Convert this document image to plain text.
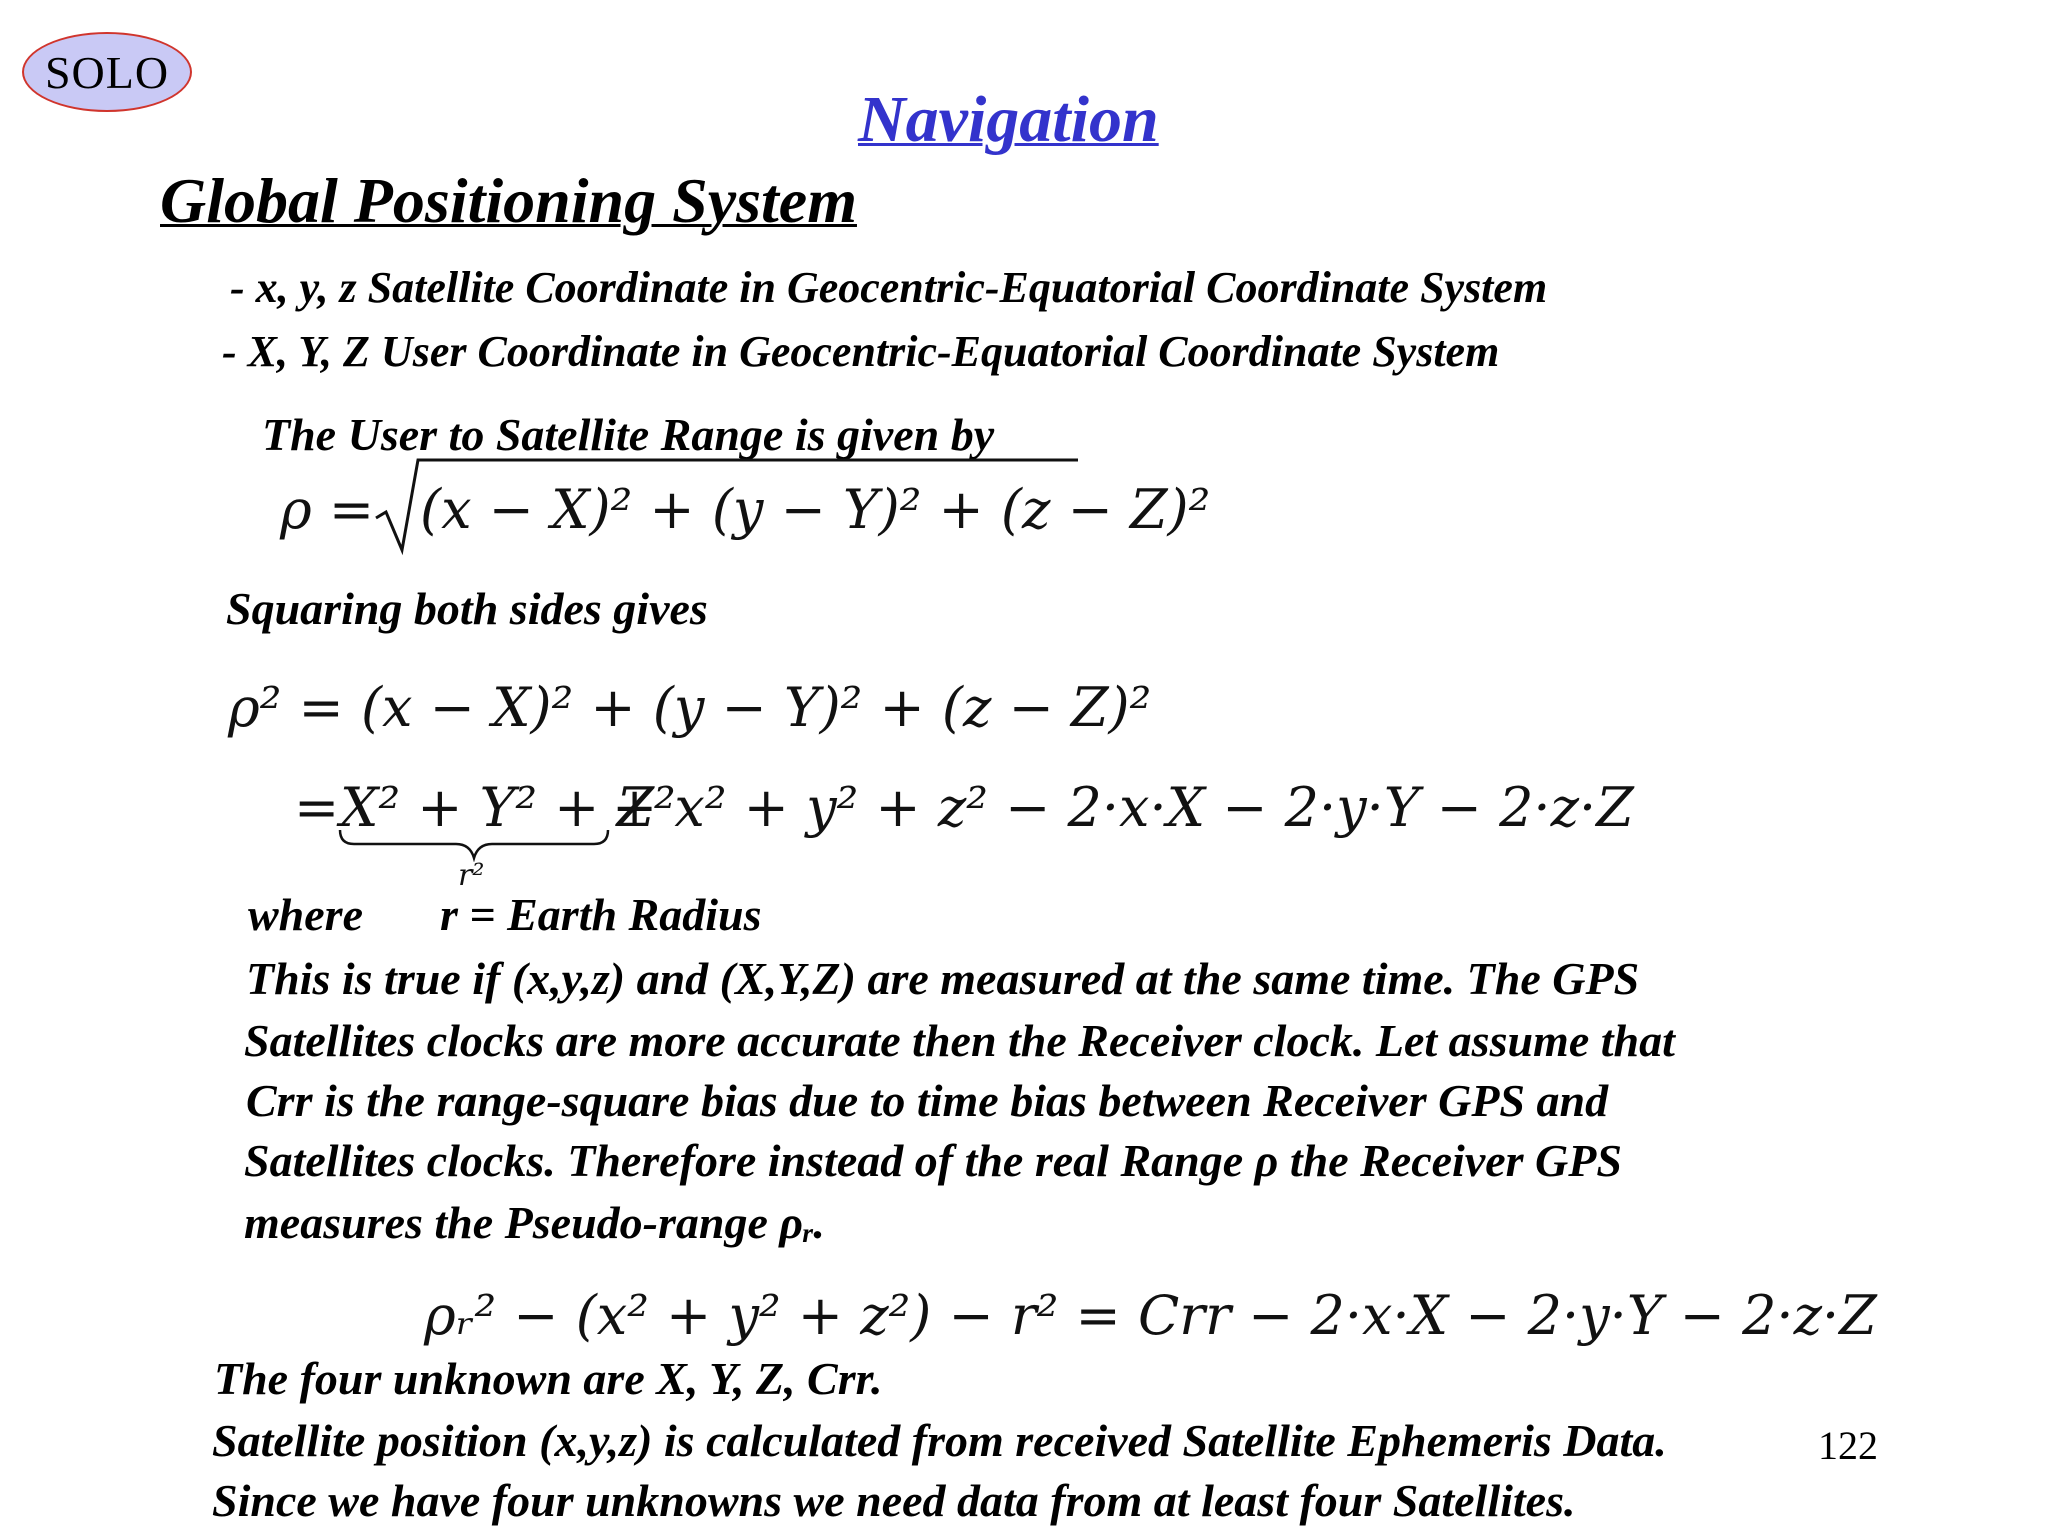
SOLO
Navigation
Global Positioning System
- x, y, z Satellite Coordinate in Geocentric-Equatorial Coordinate System
- X, Y, Z User Coordinate in Geocentric-Equatorial Coordinate System
The User to Satellite Range is given by
ρ = (x − X)² + (y − Y)² + (z − Z)²
Squaring both sides gives
ρ² = (x − X)² + (y − Y)² + (z − Z)²
= X² + Y² + Z²
+ x² + y² + z² − 2·x·X − 2·y·Y − 2·z·Z
r²
where r = Earth Radius
This is true if (x,y,z) and (X,Y,Z) are measured at the same time. The GPS
Satellites clocks are more accurate then the Receiver clock. Let assume that
Crr is the range-square bias due to time bias between Receiver GPS and
Satellites clocks. Therefore instead of the real Range ρ the Receiver GPS
measures the Pseudo-range ρᵣ.
ρᵣ² − (x² + y² + z²) − r² = Crr − 2·x·X − 2·y·Y − 2·z·Z
The four unknown are X, Y, Z, Crr.
Satellite position (x,y,z) is calculated from received Satellite Ephemeris Data.
Since we have four unknowns we need data from at least four Satellites.
122
